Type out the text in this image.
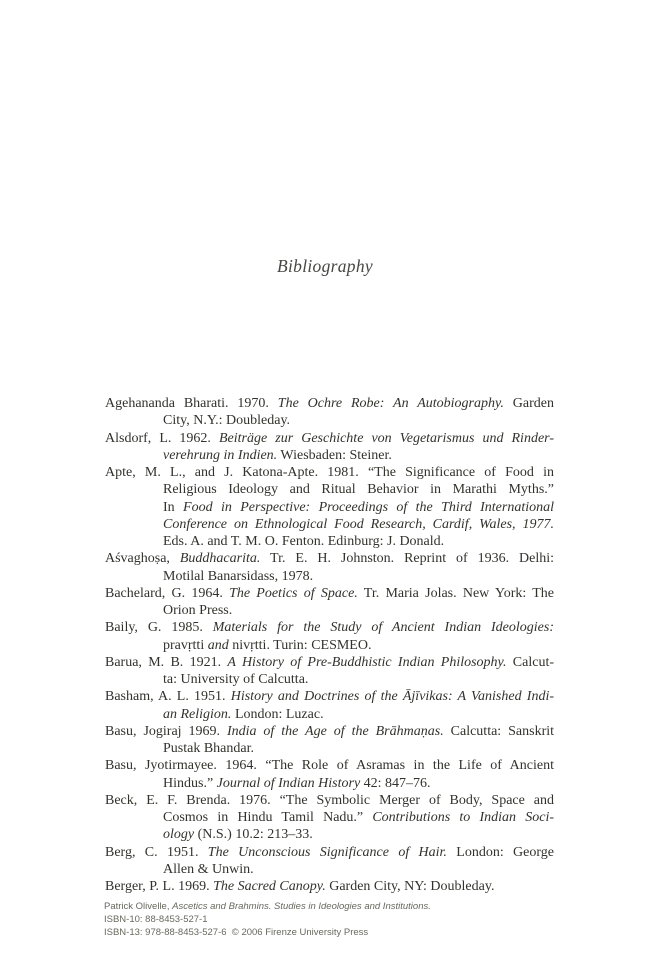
Bibliography
Agehananda Bharati. 1970. The Ochre Robe: An Autobiography. Garden
City, N.Y.: Doubleday.
Alsdorf, L. 1962. Beiträge zur Geschichte von Vegetarismus und Rinder-
verehrung in Indien. Wiesbaden: Steiner.
Apte, M. L., and J. Katona-Apte. 1981. “The Significance of Food in
Religious Ideology and Ritual Behavior in Marathi Myths.”
In Food in Perspective: Proceedings of the Third International
Conference on Ethnological Food Research, Cardif, Wales, 1977.
Eds. A. and T. M. O. Fenton. Edinburg: J. Donald.
Aśvaghoṣa, Buddhacarita. Tr. E. H. Johnston. Reprint of 1936. Delhi:
Motilal Banarsidass, 1978.
Bachelard, G. 1964. The Poetics of Space. Tr. Maria Jolas. New York: The
Orion Press.
Baily, G. 1985. Materials for the Study of Ancient Indian Ideologies:
pravṛtti and nivṛtti. Turin: CESMEO.
Barua, M. B. 1921. A History of Pre-Buddhistic Indian Philosophy. Calcut-
ta: University of Calcutta.
Basham, A. L. 1951. History and Doctrines of the Ājīvikas: A Vanished Indi-
an Religion. London: Luzac.
Basu, Jogiraj 1969. India of the Age of the Brāhmaṇas. Calcutta: Sanskrit
Pustak Bhandar.
Basu, Jyotirmayee. 1964. “The Role of Asramas in the Life of Ancient
Hindus.” Journal of Indian History 42: 847–76.
Beck, E. F. Brenda. 1976. “The Symbolic Merger of Body, Space and
Cosmos in Hindu Tamil Nadu.” Contributions to Indian Soci-
ology (N.S.) 10.2: 213–33.
Berg, C. 1951. The Unconscious Significance of Hair. London: George
Allen & Unwin.
Berger, P. L. 1969. The Sacred Canopy. Garden City, NY: Doubleday.
Patrick Olivelle, Ascetics and Brahmins. Studies in Ideologies and Institutions.
ISBN-10: 88-8453-527-1
ISBN-13: 978-88-8453-527-6  © 2006 Firenze University Press
